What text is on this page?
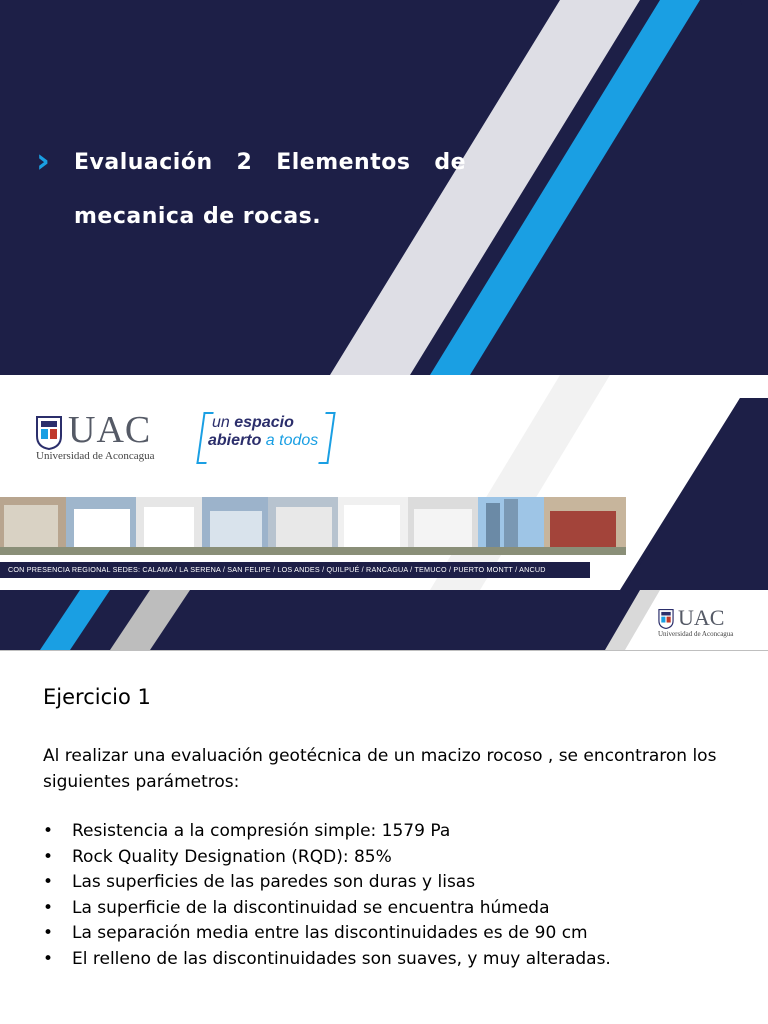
› Evaluación 2 Elementos de mecanica de rocas.
UAC
Universidad de Aconcagua
un espacio
abierto a todos
CON PRESENCIA REGIONAL SEDES: CALAMA / LA SERENA / SAN FELIPE / LOS ANDES / QUILPUÉ / RANCAGUA / TEMUCO / PUERTO MONTT / ANCUD
UAC
Universidad de Aconcagua
Ejercicio 1
Al realizar una evaluación geotécnica de un macizo rocoso , se encontraron los siguientes parámetros:
• Resistencia a la compresión simple: 1579 Pa
• Rock Quality Designation (RQD): 85%
• Las superficies de las paredes son duras y lisas
• La superficie de la discontinuidad se encuentra húmeda
• La separación media entre las discontinuidades es de 90 cm
• El relleno de las discontinuidades son suaves, y muy alteradas.
